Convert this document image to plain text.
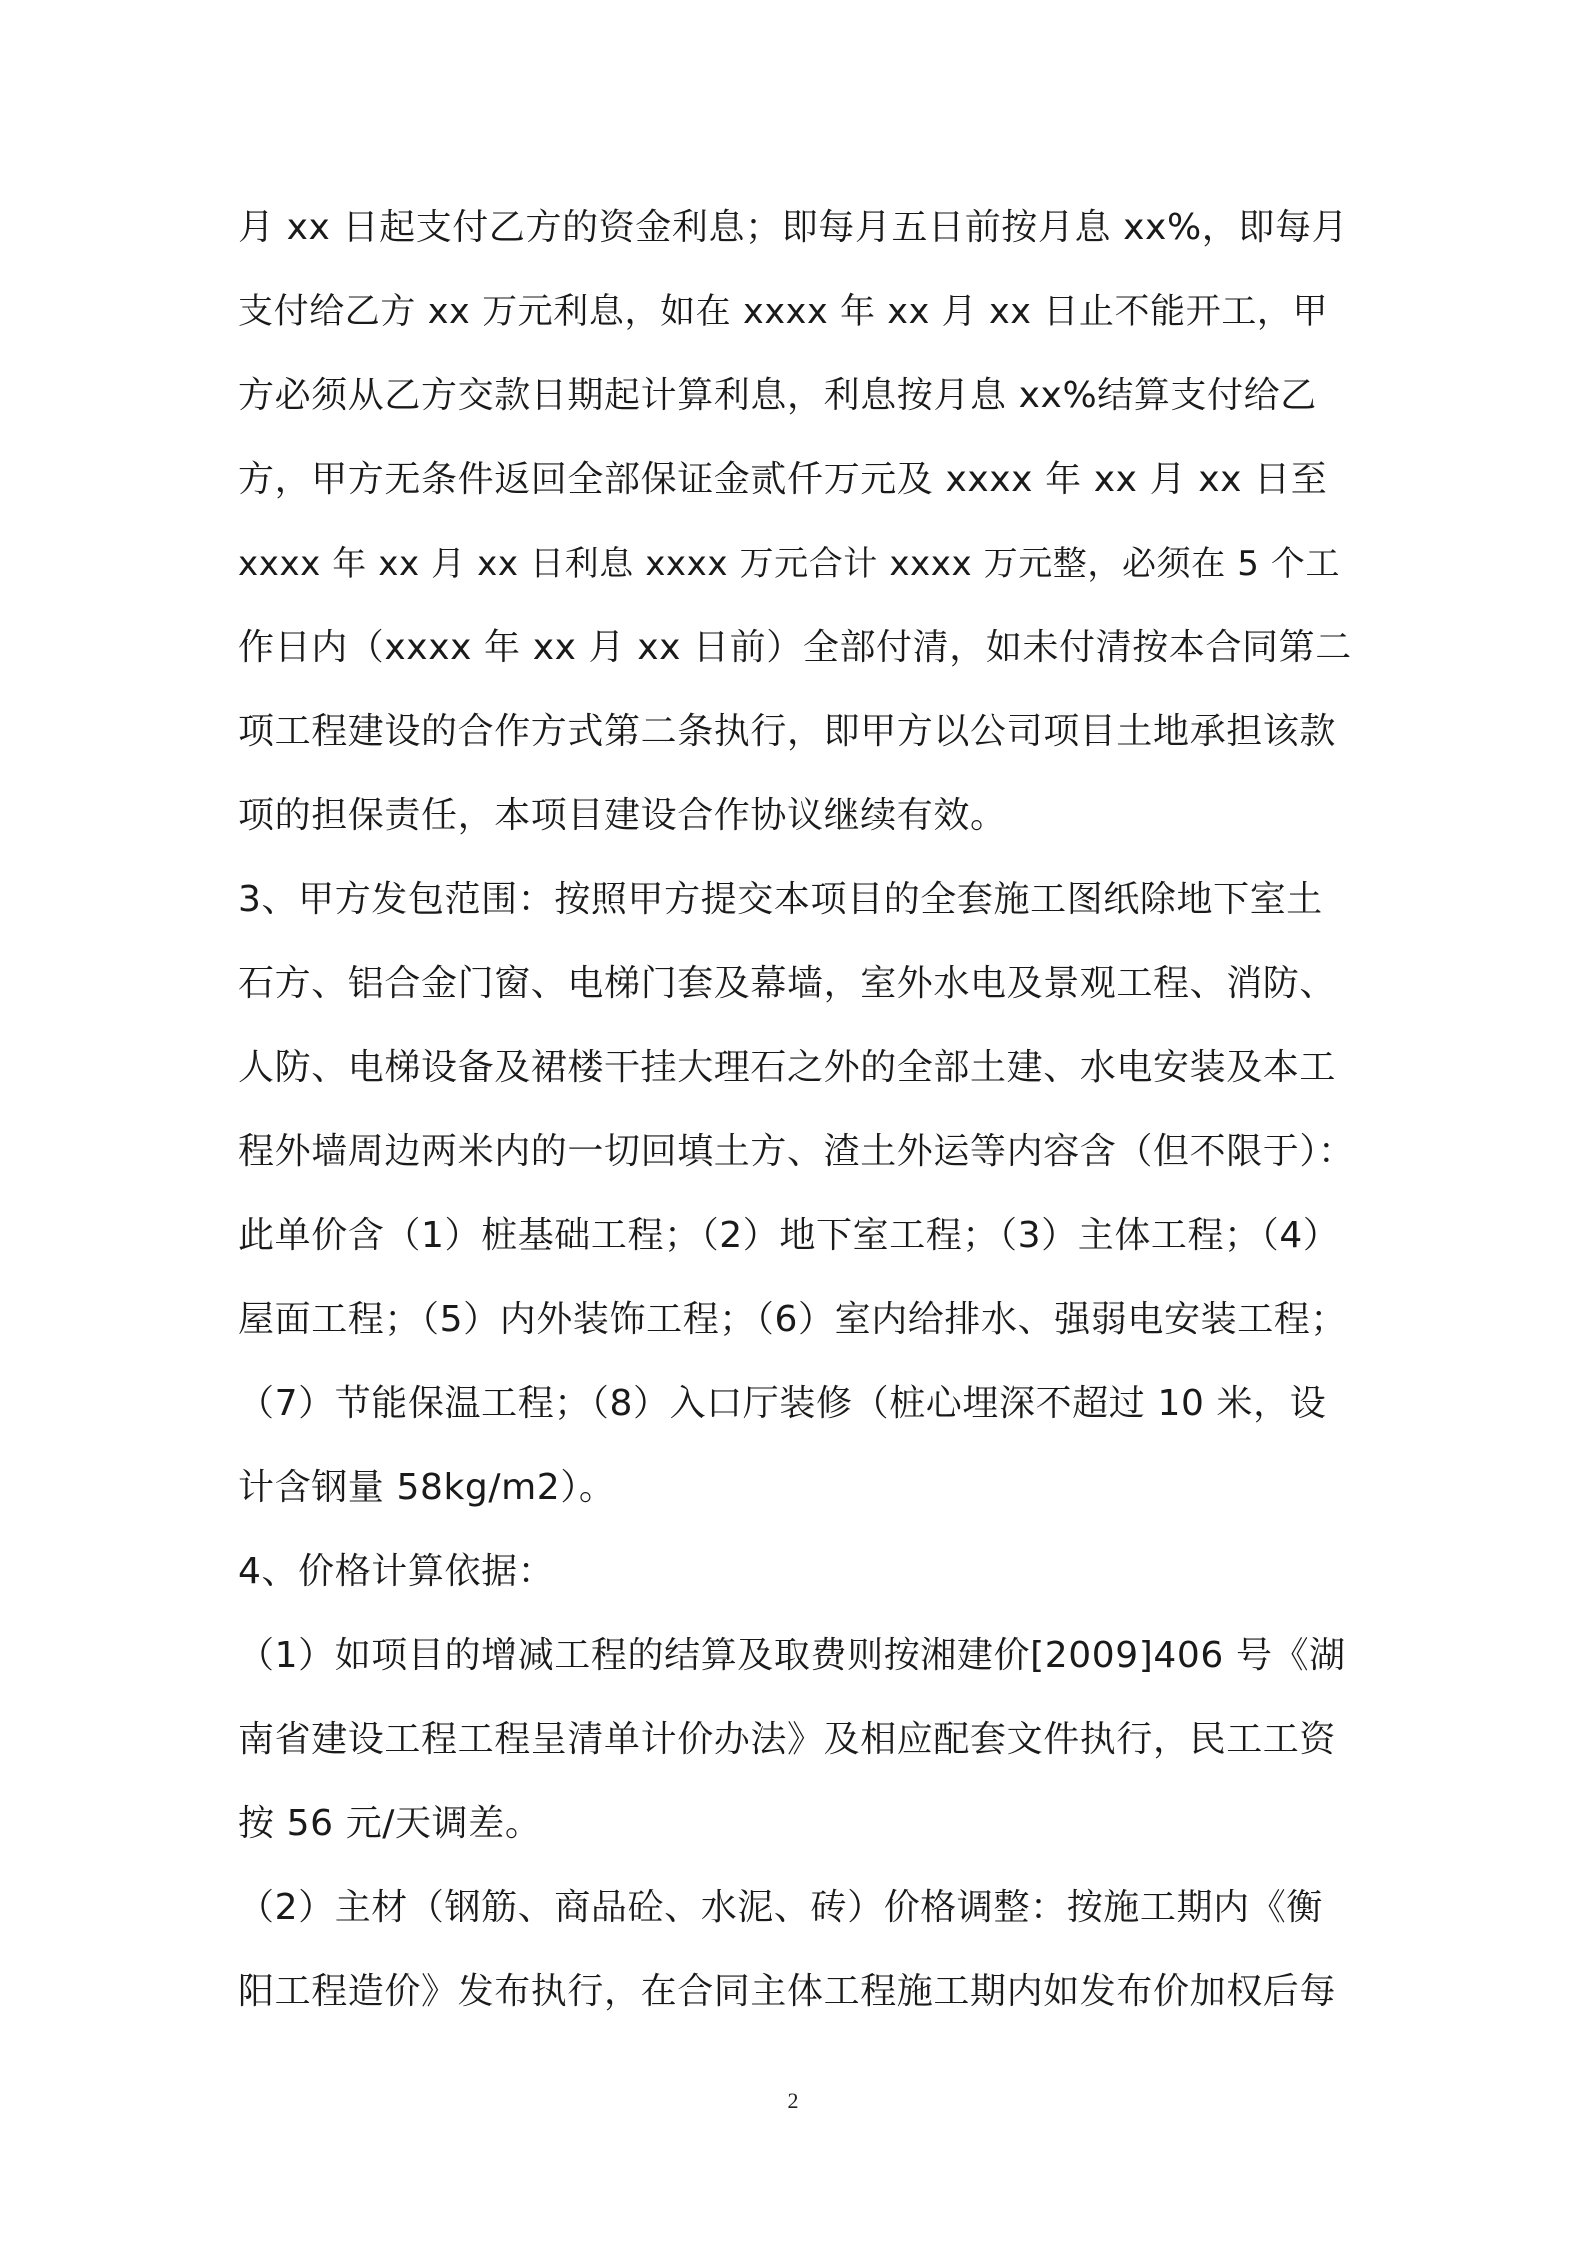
月 xx 日起支付乙方的资金利息；即每月五日前按月息 xx%，即每月
支付给乙方 xx 万元利息，如在 xxxx 年 xx 月 xx 日止不能开工，甲
方必须从乙方交款日期起计算利息，利息按月息 xx%结算支付给乙
方，甲方无条件返回全部保证金贰仟万元及 xxxx 年 xx 月 xx 日至
xxxx 年 xx 月 xx 日利息 xxxx 万元合计 xxxx 万元整，必须在 5 个工
作日内（xxxx 年 xx 月 xx 日前）全部付清，如未付清按本合同第二
项工程建设的合作方式第二条执行，即甲方以公司项目土地承担该款
项的担保责任，本项目建设合作协议继续有效。
3、甲方发包范围：按照甲方提交本项目的全套施工图纸除地下室土
石方、铝合金门窗、电梯门套及幕墙，室外水电及景观工程、消防、
人防、电梯设备及裙楼干挂大理石之外的全部土建、水电安装及本工
程外墙周边两米内的一切回填土方、渣土外运等内容含（但不限于）：
此单价含（1）桩基础工程；（2）地下室工程；（3）主体工程；（4）
屋面工程；（5）内外装饰工程；（6）室内给排水、强弱电安装工程；
（7）节能保温工程；（8）入口厅装修（桩心埋深不超过 10 米，设
计含钢量 58kg/m2）。
4、价格计算依据：
（1）如项目的增减工程的结算及取费则按湘建价[2009]406 号《湖
南省建设工程工程呈清单计价办法》及相应配套文件执行，民工工资
按 56 元/天调差。
（2）主材（钢筋、商品砼、水泥、砖）价格调整：按施工期内《衡
阳工程造价》发布执行，在合同主体工程施工期内如发布价加权后每
2
